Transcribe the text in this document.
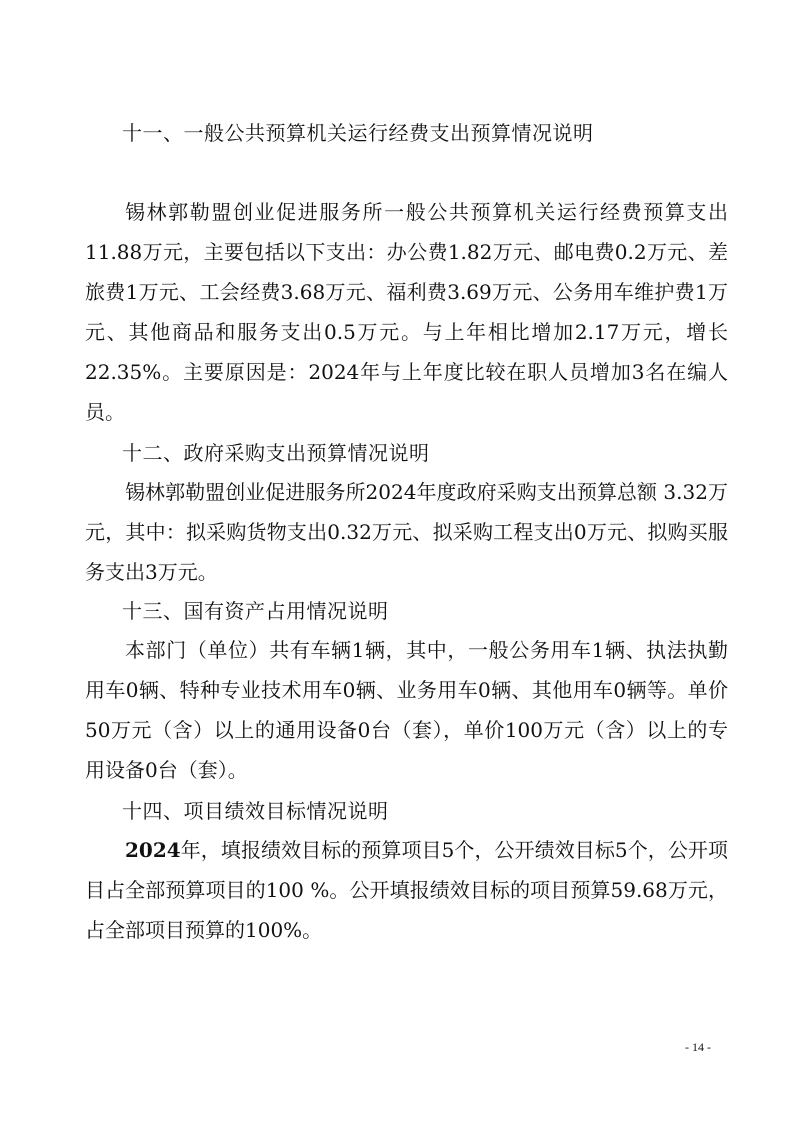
十一、一般公共预算机关运行经费支出预算情况说明

锡林郭勒盟创业促进服务所一般公共预算机关运行经费预算支出11.88万元，主要包括以下支出：办公费1.82万元、邮电费0.2万元、差旅费1万元、工会经费3.68万元、福利费3.69万元、公务用车维护费1万元、其他商品和服务支出0.5万元。与上年相比增加2.17万元，增长22.35%。主要原因是：2024年与上年度比较在职人员增加3名在编人员。

十二、政府采购支出预算情况说明

锡林郭勒盟创业促进服务所2024年度政府采购支出预算总额 3.32万元，其中：拟采购货物支出0.32万元、拟采购工程支出0万元、拟购买服务支出3万元。

十三、国有资产占用情况说明

本部门（单位）共有车辆1辆，其中，一般公务用车1辆、执法执勤用车0辆、特种专业技术用车0辆、业务用车0辆、其他用车0辆等。单价50万元（含）以上的通用设备0台（套），单价100万元（含）以上的专用设备0台（套）。

十四、项目绩效目标情况说明

2024年，填报绩效目标的预算项目5个，公开绩效目标5个，公开项目占全部预算项目的100 %。公开填报绩效目标的项目预算59.68万元，占全部项目预算的100%。

- 14 -
